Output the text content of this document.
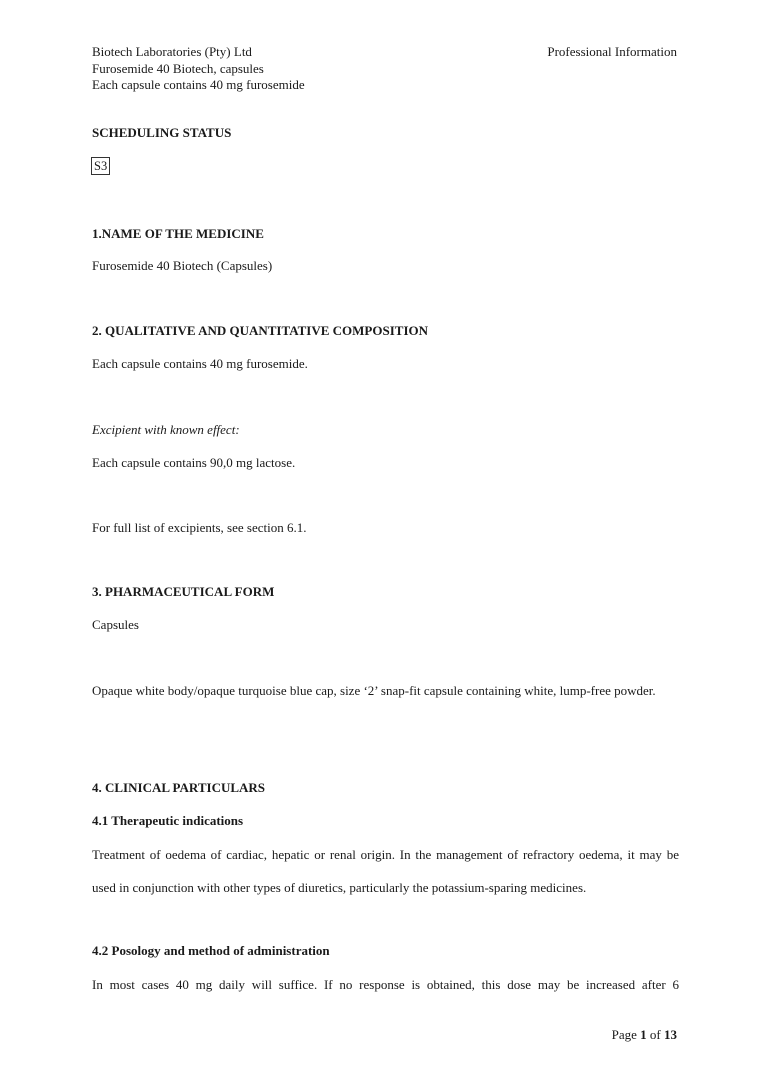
Biotech Laboratories (Pty) Ltd
Furosemide 40 Biotech, capsules
Each capsule contains 40 mg furosemide
Professional Information
SCHEDULING STATUS
S3
1.NAME OF THE MEDICINE
Furosemide 40 Biotech (Capsules)
2. QUALITATIVE AND QUANTITATIVE COMPOSITION
Each capsule contains 40 mg furosemide.
Excipient with known effect:
Each capsule contains 90,0 mg lactose.
For full list of excipients, see section 6.1.
3. PHARMACEUTICAL FORM
Capsules
Opaque white body/opaque turquoise blue cap, size ‘2’ snap-fit capsule containing white, lump-free powder.
4. CLINICAL PARTICULARS
4.1 Therapeutic indications
Treatment of oedema of cardiac, hepatic or renal origin. In the management of refractory oedema, it may be used in conjunction with other types of diuretics, particularly the potassium-sparing medicines.
4.2 Posology and method of administration
In most cases 40 mg daily will suffice. If no response is obtained, this dose may be increased after 6
Page 1 of 13
